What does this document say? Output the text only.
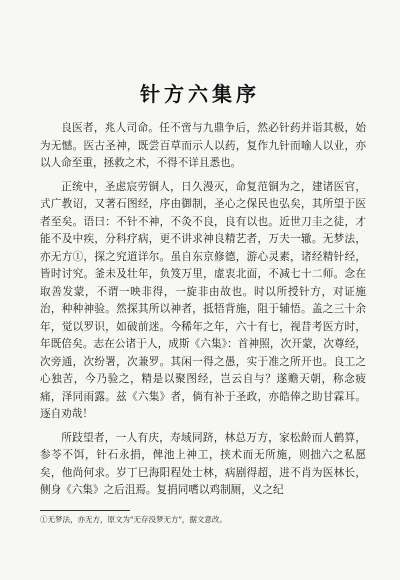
针方六集序

良医者，兆人司命。任不啻与九鼎争后，然必针药并诣其极，始为无憾。医古圣神，既尝百草而示人以药，复作九针而喻人以业，亦以人命至重，拯救之术，不得不详且悉也。

正统中，圣虑宸劳铜人，日久漫灭，命复范铜为之，建诸医官，式广教诏，又著石图经，序由御制，圣心之保民也弘矣，其所望于医者至矣。语曰：不针不神，不灸不良，良有以也。近世刀圭之徒，才能不及中疾，分科疗病，更不讲求神良精艺者，万夫一辙。无梦法，亦无方①，探之究道详尔。虽自东京修德，游心灵素，诸经精针经，皆时讨究。釜未及壮年，负笈万里，虚衷北面，不减七十二师。念在取善发蒙，不谓一映非得，一旋非由故也。时以所授针方，对证施治，种种神验。然探其所以神者，抵牾背施，阻于辅悟。盖之三十余年，觉以罗识，如破前迷。今稀年之年，六十有七，视昔考医方时，年既倍矣。志在公诸于人，成斯《六集》：首神照，次开蒙，次尊经，次旁通，次纷署，次兼罗。其闲一得之愚，实于准之所开也。良工之心独苦，今乃验之，精是以聚图经，岂云自与？遂赡天朝，称念疲痛，泽同雨露。兹《六集》者，倘有补于圣政，亦皓俸之助甘霖耳。逐自劝哉！

所跂望者，一人有庆，寿域同跻，林总万方，家松龄而人鹤算，参苓不饵，针石永捐，俾池上神工，挟术而无所施，则拙六之私愿矣，他尚何求。岁丁巳海阳程处士林，病剧得超，进不肖为医林长，侧身《六集》之后沮焉。复捐同嗜以鸡制厕，义之纪

①无梦法，亦无方，原文为"无存没梦无方"，据文意改。
